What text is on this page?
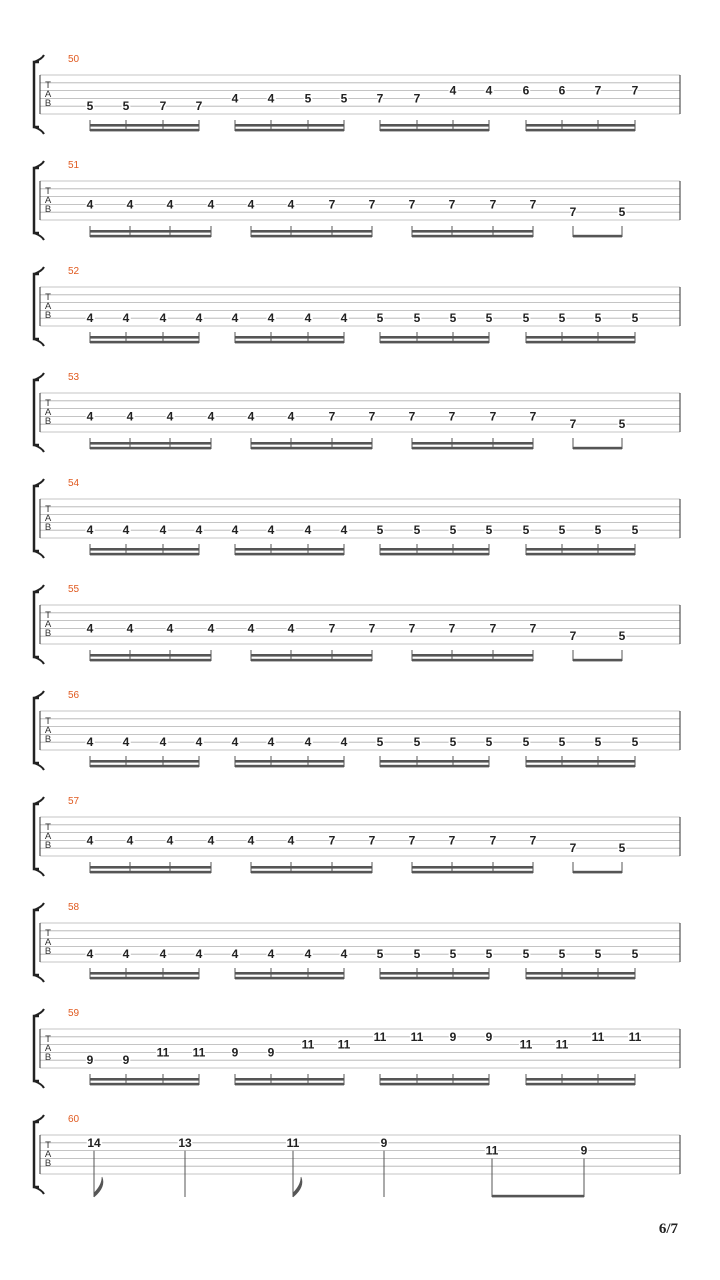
50
T
A
B	5 5	7 7
4 4	5 5 7	7
4 4	6 6 7	7
51
T
A
B	4	4	4	4	4	4	7	7	7	7	7	7
7	5
52
T
A
B	4 4	4 4 4 4	4 4 5	5 5 5	5 5 5	5
53
T
A
B	4	4	4	4	4	4	7	7	7	7	7	7
7	5
54
T
A
B	4 4	4 4 4 4	4 4 5	5 5 5	5 5 5	5
55
T
A
B	4	4	4	4	4	4	7	7	7	7	7	7
7	5
56
T
A
B	4 4	4 4 4 4	4 4 5	5 5 5	5 5 5	5
57
T
A
B	4	4	4	4	4	4	7	7	7	7	7	7
7	5
58
T
A
B	4 4	4 4 4 4	4 4 5	5 5 5	5 5 5	5
59
T
A
B	9 9
11 11 9 9
11 11
11 11 9 9
11 11
11 11
60
T
A
B
14	13	11	9
11	9
6/7
